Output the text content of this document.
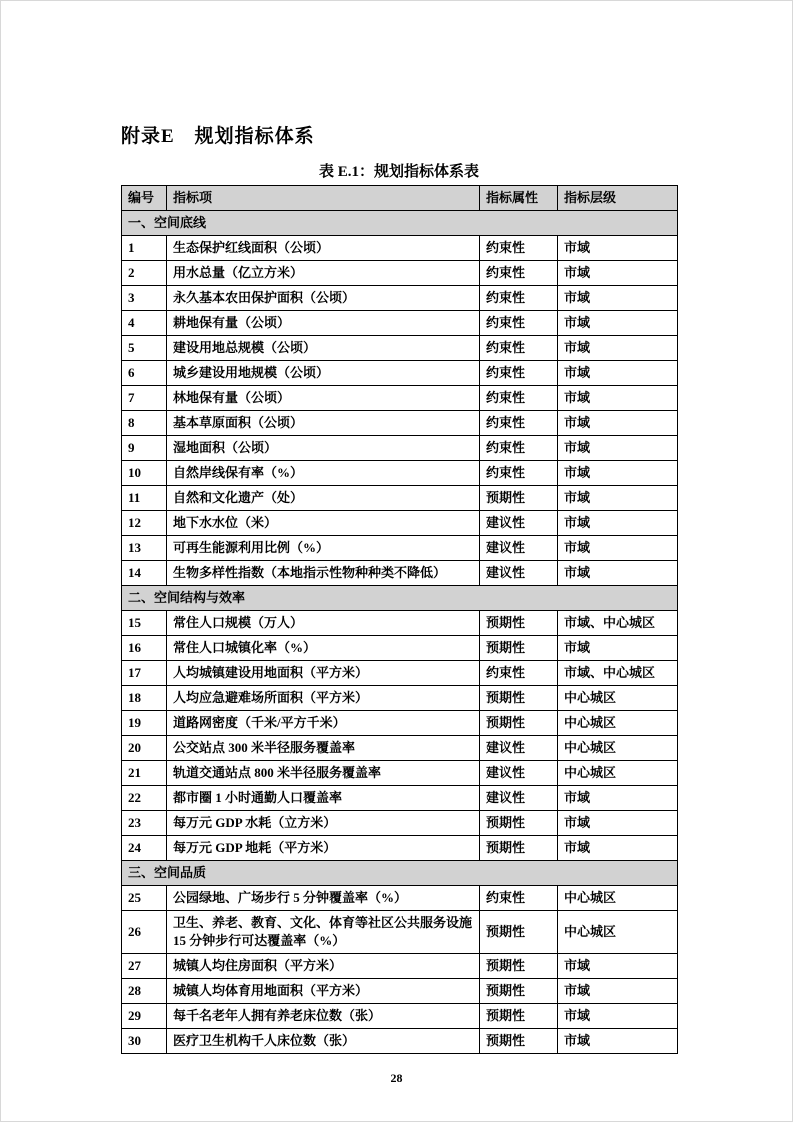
附录E　规划指标体系
表 E.1：规划指标体系表
编号	指标项	指标属性	指标层级
一、空间底线			
1	生态保护红线面积（公顷）	约束性	市域
2	用水总量（亿立方米）	约束性	市域
3	永久基本农田保护面积（公顷）	约束性	市域
4	耕地保有量（公顷）	约束性	市域
5	建设用地总规模（公顷）	约束性	市域
6	城乡建设用地规模（公顷）	约束性	市域
7	林地保有量（公顷）	约束性	市域
8	基本草原面积（公顷）	约束性	市域
9	湿地面积（公顷）	约束性	市域
10	自然岸线保有率（%）	约束性	市域
11	自然和文化遗产（处）	预期性	市域
12	地下水水位（米）	建议性	市域
13	可再生能源利用比例（%）	建议性	市域
14	生物多样性指数（本地指示性物种种类不降低）	建议性	市域
二、空间结构与效率			
15	常住人口规模（万人）	预期性	市域、中心城区
16	常住人口城镇化率（%）	预期性	市域
17	人均城镇建设用地面积（平方米）	约束性	市域、中心城区
18	人均应急避难场所面积（平方米）	预期性	中心城区
19	道路网密度（千米/平方千米）	预期性	中心城区
20	公交站点 300 米半径服务覆盖率	建议性	中心城区
21	轨道交通站点 800 米半径服务覆盖率	建议性	中心城区
22	都市圈 1 小时通勤人口覆盖率	建议性	市域
23	每万元 GDP 水耗（立方米）	预期性	市域
24	每万元 GDP 地耗（平方米）	预期性	市域
三、空间品质			
25	公园绿地、广场步行 5 分钟覆盖率（%）	约束性	中心城区
26	卫生、养老、教育、文化、体育等社区公共服务设施 15 分钟步行可达覆盖率（%）	预期性	中心城区
27	城镇人均住房面积（平方米）	预期性	市域
28	城镇人均体育用地面积（平方米）	预期性	市域
29	每千名老年人拥有养老床位数（张）	预期性	市域
30	医疗卫生机构千人床位数（张）	预期性	市域
28
